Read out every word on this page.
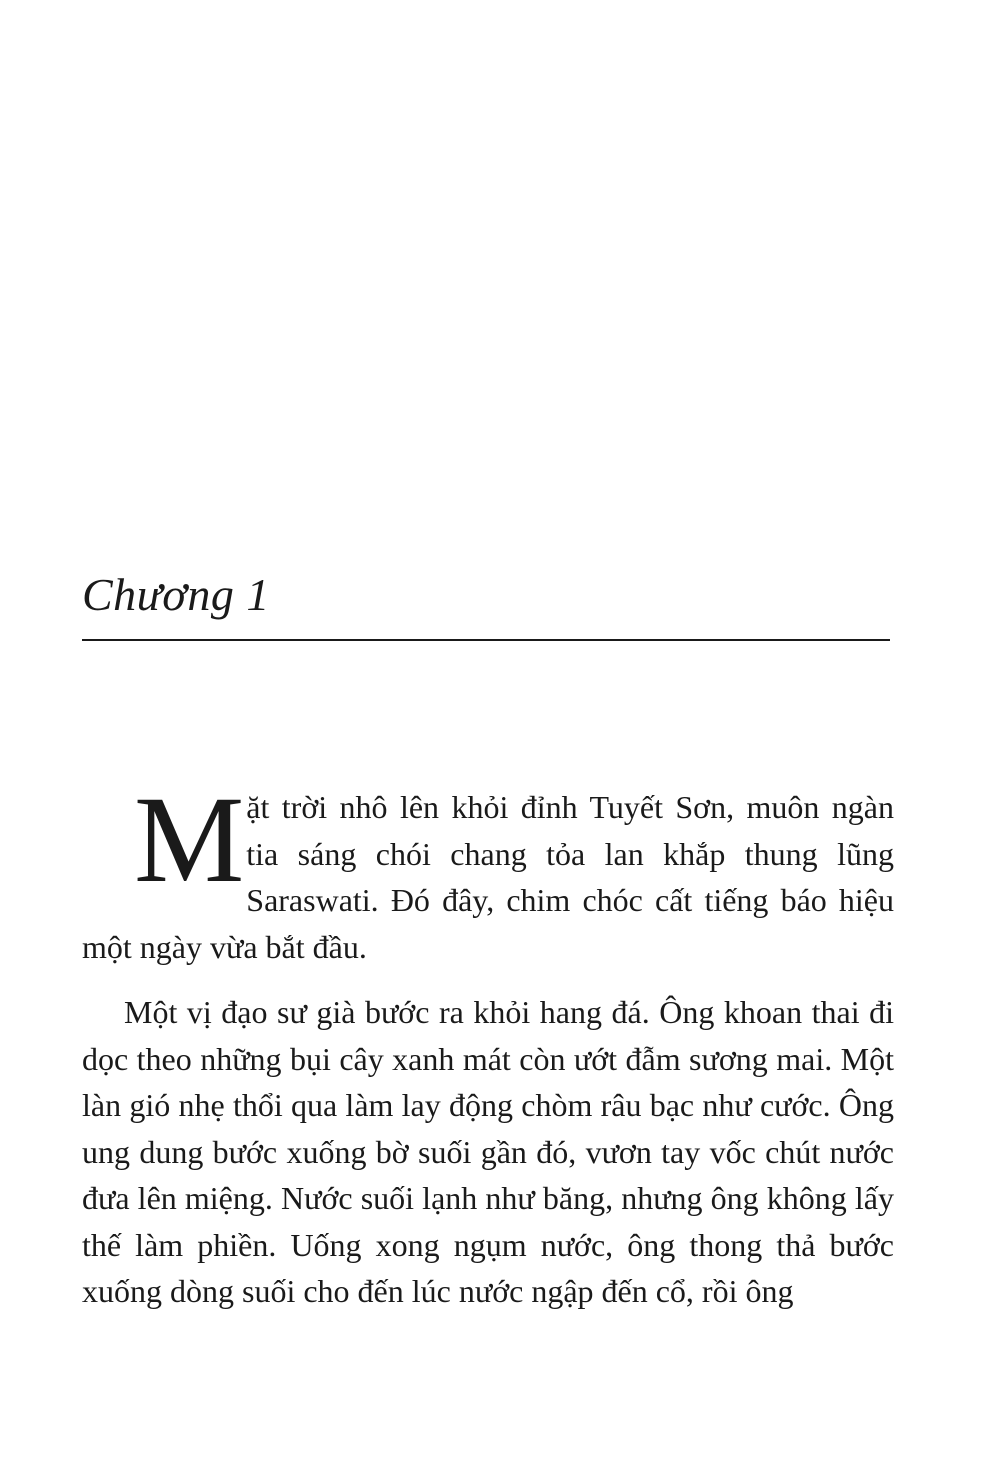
Chương 1

Mặt trời nhô lên khỏi đỉnh Tuyết Sơn, muôn ngàn tia sáng chói chang tỏa lan khắp thung lũng Saraswati. Đó đây, chim chóc cất tiếng báo hiệu một ngày vừa bắt đầu.

Một vị đạo sư già bước ra khỏi hang đá. Ông khoan thai đi dọc theo những bụi cây xanh mát còn ướt đẫm sương mai. Một làn gió nhẹ thổi qua làm lay động chòm râu bạc như cước. Ông ung dung bước xuống bờ suối gần đó, vươn tay vốc chút nước đưa lên miệng. Nước suối lạnh như băng, nhưng ông không lấy thế làm phiền. Uống xong ngụm nước, ông thong thả bước xuống dòng suối cho đến lúc nước ngập đến cổ, rồi ông
